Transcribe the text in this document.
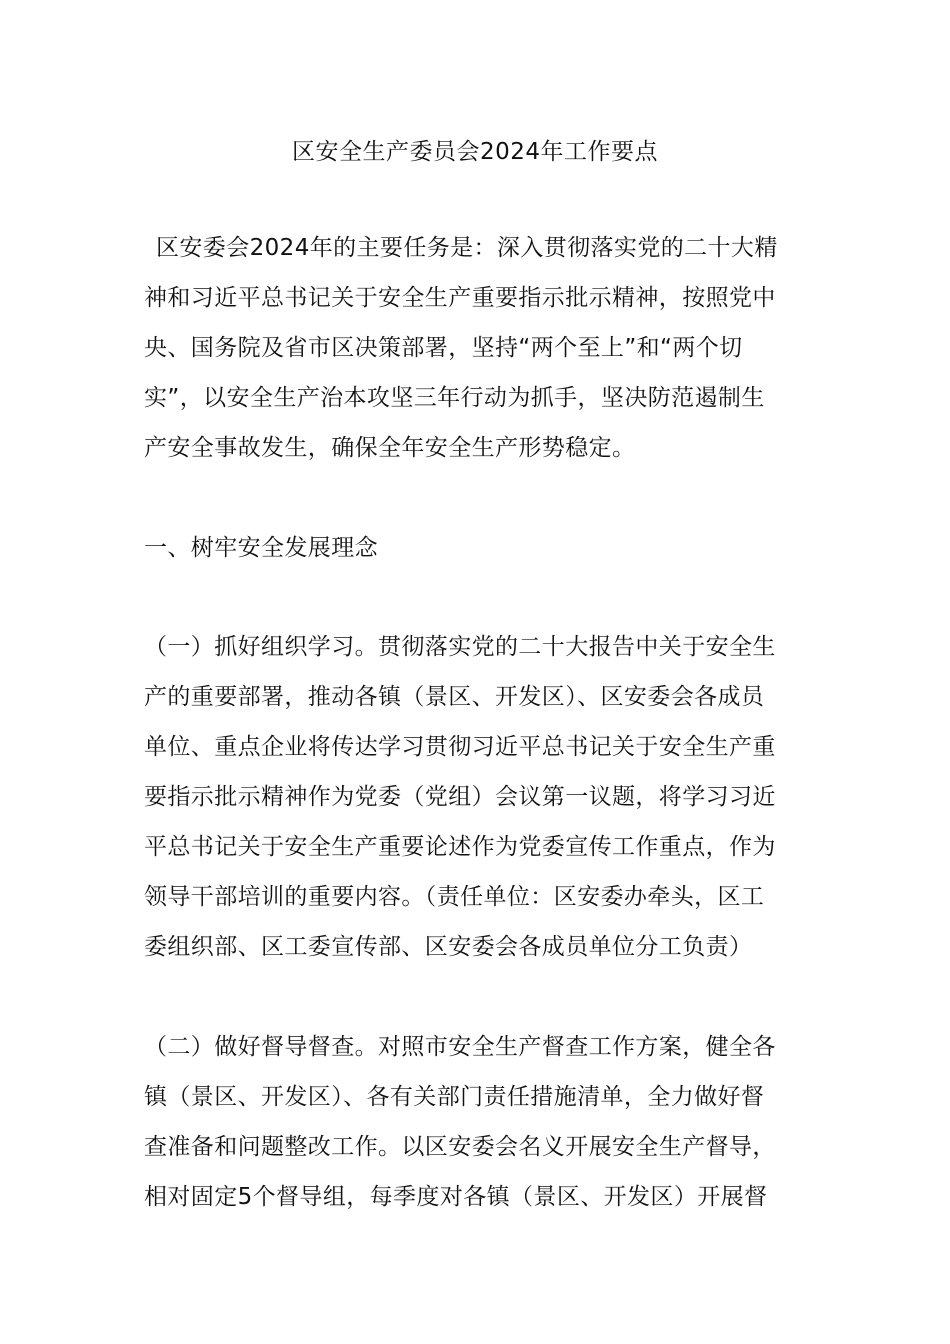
区安全生产委员会2024年工作要点
区安委会2024年的主要任务是：深入贯彻落实党的二十大精
神和习近平总书记关于安全生产重要指示批示精神，按照党中
央、国务院及省市区决策部署，坚持“两个至上”和“两个切
实”，以安全生产治本攻坚三年行动为抓手，坚决防范遏制生
产安全事故发生，确保全年安全生产形势稳定。
一、树牢安全发展理念
（一）抓好组织学习。贯彻落实党的二十大报告中关于安全生
产的重要部署，推动各镇（景区、开发区）、区安委会各成员
单位、重点企业将传达学习贯彻习近平总书记关于安全生产重
要指示批示精神作为党委（党组）会议第一议题，将学习习近
平总书记关于安全生产重要论述作为党委宣传工作重点，作为
领导干部培训的重要内容。（责任单位：区安委办牵头，区工
委组织部、区工委宣传部、区安委会各成员单位分工负责）
（二）做好督导督查。对照市安全生产督查工作方案，健全各
镇（景区、开发区）、各有关部门责任措施清单，全力做好督
查准备和问题整改工作。以区安委会名义开展安全生产督导，
相对固定5个督导组，每季度对各镇（景区、开发区）开展督
